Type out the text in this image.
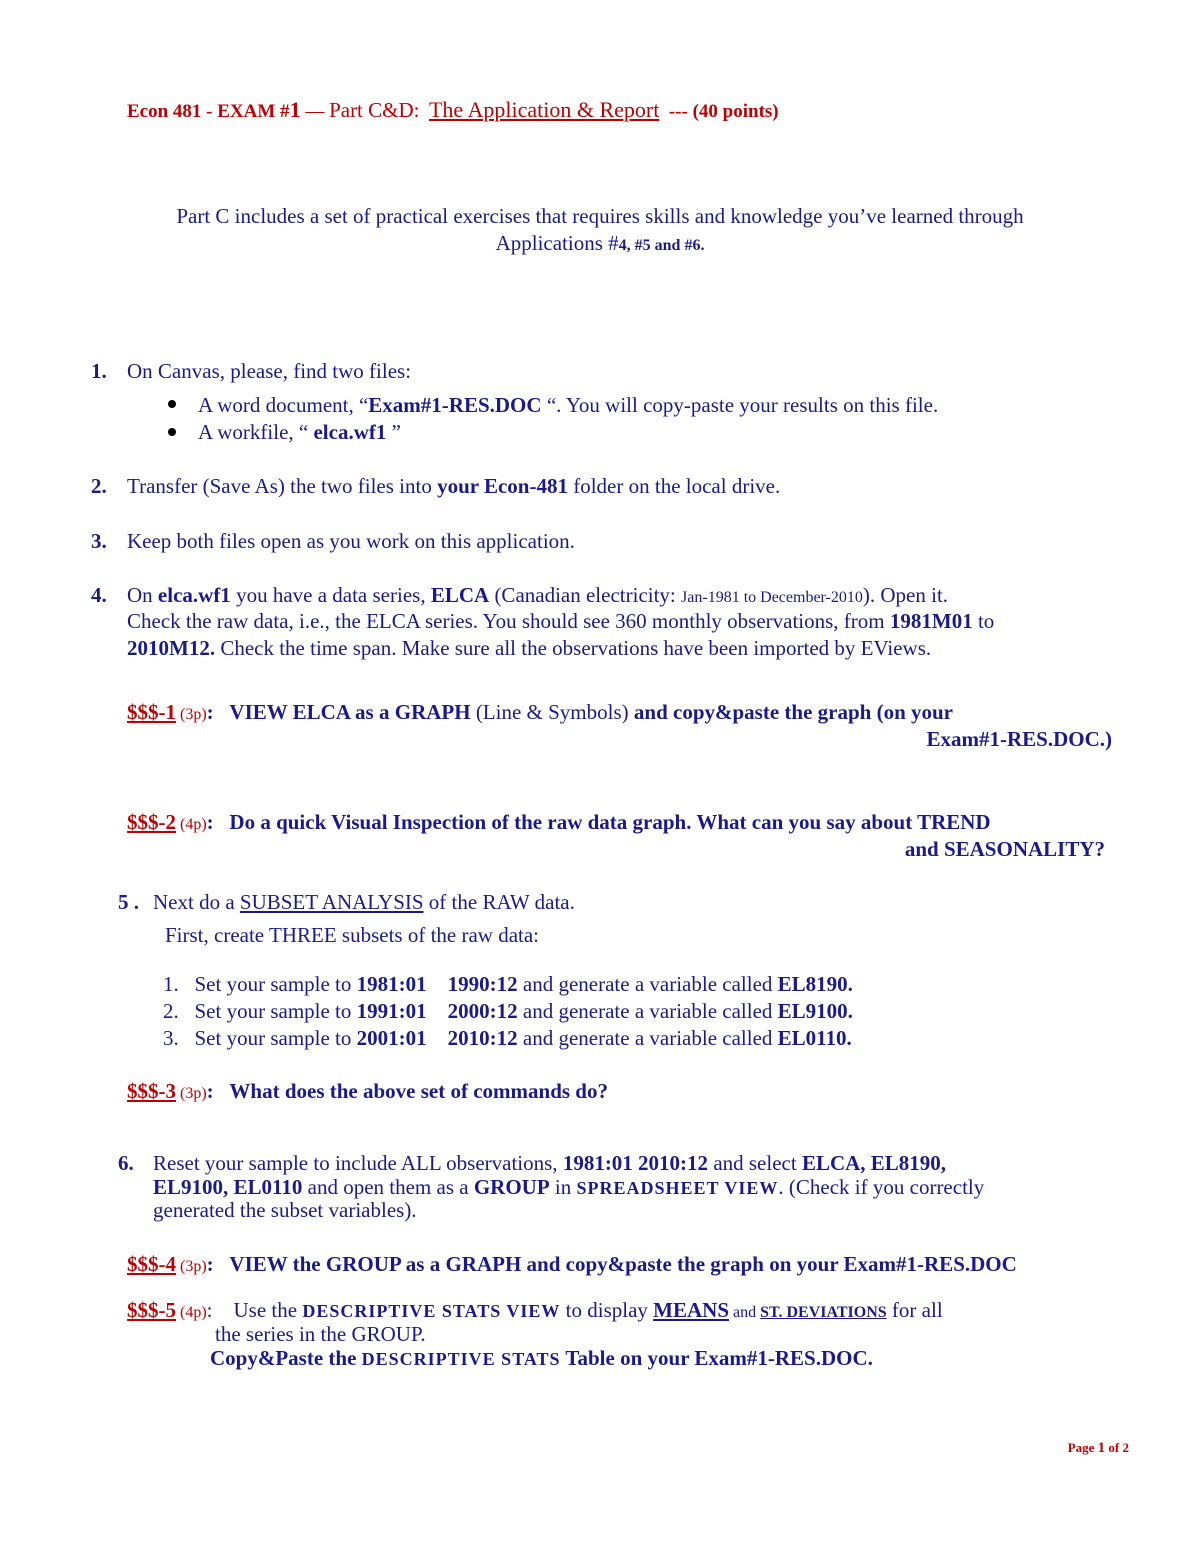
Econ 481 - EXAM #1 — Part C&D: The Application & Report --- (40 points)
Part C includes a set of practical exercises that requires skills and knowledge you’ve learned through
Applications #4, #5 and #6.
1. On Canvas, please, find two files:
A word document, “Exam#1-RES.DOC “. You will copy-paste your results on this file.
A workfile, “ elca.wf1 ”
2. Transfer (Save As) the two files into your Econ-481 folder on the local drive.
3. Keep both files open as you work on this application.
4. On elca.wf1 you have a data series, ELCA (Canadian electricity: Jan-1981 to December-2010). Open it.
Check the raw data, i.e., the ELCA series. You should see 360 monthly observations, from 1981M01 to
2010M12. Check the time span. Make sure all the observations have been imported by EViews.
$$$-1 (3p): VIEW ELCA as a GRAPH (Line & Symbols) and copy&paste the graph (on your
Exam#1-RES.DOC.)
$$$-2 (4p): Do a quick Visual Inspection of the raw data graph. What can you say about TREND
and SEASONALITY?
5 . Next do a SUBSET ANALYSIS of the RAW data.
First, create THREE subsets of the raw data:
1. Set your sample to 1981:01 1990:12 and generate a variable called EL8190.
2. Set your sample to 1991:01 2000:12 and generate a variable called EL9100.
3. Set your sample to 2001:01 2010:12 and generate a variable called EL0110.
$$$-3 (3p): What does the above set of commands do?
6. Reset your sample to include ALL observations, 1981:01 2010:12 and select ELCA, EL8190,
EL9100, EL0110 and open them as a GROUP in SPREADSHEET VIEW. (Check if you correctly
generated the subset variables).
$$$-4 (3p): VIEW the GROUP as a GRAPH and copy&paste the graph on your Exam#1-RES.DOC
$$$-5 (4p): Use the DESCRIPTIVE STATS VIEW to display MEANS and ST. DEVIATIONS for all
the series in the GROUP.
Copy&Paste the DESCRIPTIVE STATS Table on your Exam#1-RES.DOC.
Page 1 of 2
